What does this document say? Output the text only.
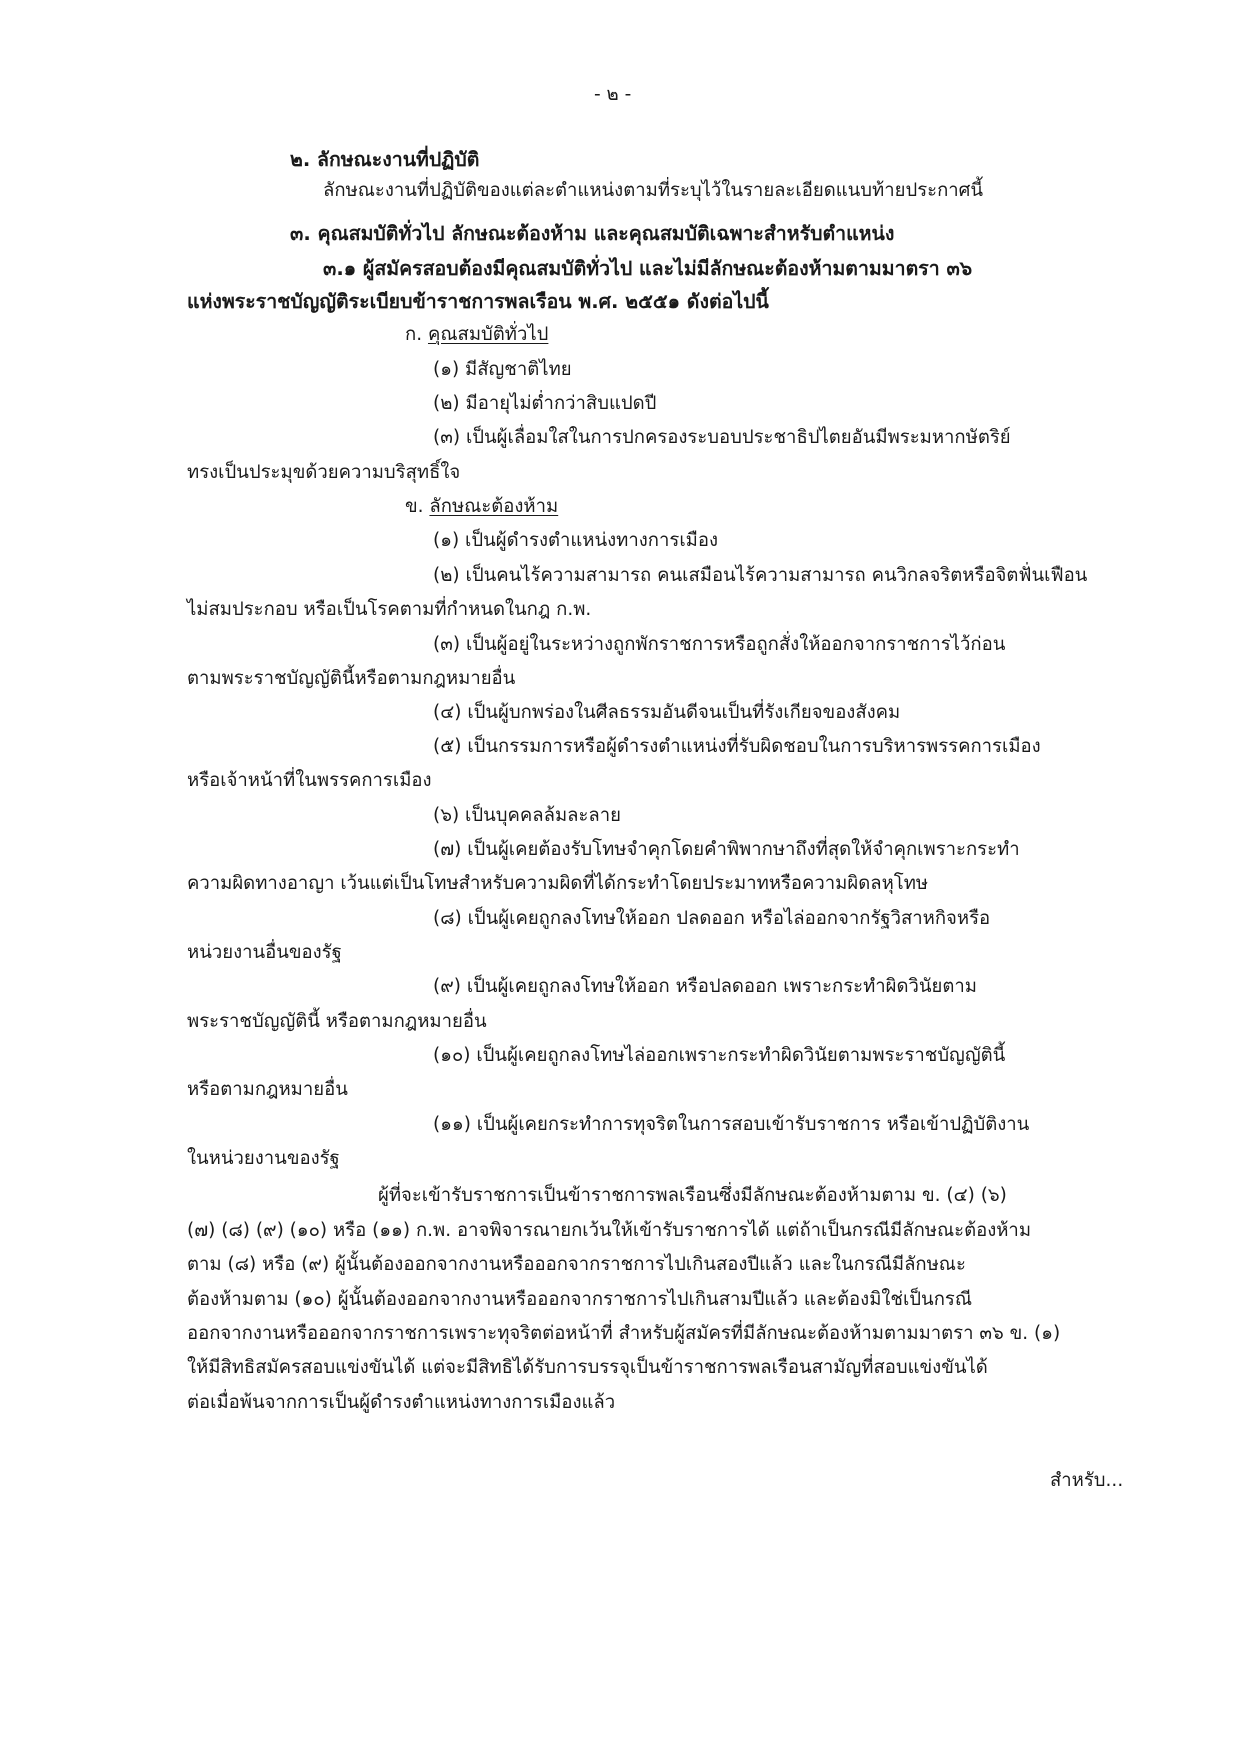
- ๒ -
๒. ลักษณะงานที่ปฏิบัติ
ลักษณะงานที่ปฏิบัติของแต่ละตำแหน่งตามที่ระบุไว้ในรายละเอียดแนบท้ายประกาศนี้
๓. คุณสมบัติทั่วไป ลักษณะต้องห้าม และคุณสมบัติเฉพาะสำหรับตำแหน่ง
๓.๑ ผู้สมัครสอบต้องมีคุณสมบัติทั่วไป และไม่มีลักษณะต้องห้ามตามมาตรา ๓๖
แห่งพระราชบัญญัติระเบียบข้าราชการพลเรือน พ.ศ. ๒๕๕๑ ดังต่อไปนี้
ก. คุณสมบัติทั่วไป
(๑) มีสัญชาติไทย
(๒) มีอายุไม่ต่ำกว่าสิบแปดปี
(๓) เป็นผู้เลื่อมใสในการปกครองระบอบประชาธิปไตยอันมีพระมหากษัตริย์
ทรงเป็นประมุขด้วยความบริสุทธิ์ใจ
ข. ลักษณะต้องห้าม
(๑) เป็นผู้ดำรงตำแหน่งทางการเมือง
(๒) เป็นคนไร้ความสามารถ คนเสมือนไร้ความสามารถ คนวิกลจริตหรือจิตฟั่นเฟือน
ไม่สมประกอบ หรือเป็นโรคตามที่กำหนดในกฎ ก.พ.
(๓) เป็นผู้อยู่ในระหว่างถูกพักราชการหรือถูกสั่งให้ออกจากราชการไว้ก่อน
ตามพระราชบัญญัตินี้หรือตามกฎหมายอื่น
(๔) เป็นผู้บกพร่องในศีลธรรมอันดีจนเป็นที่รังเกียจของสังคม
(๕) เป็นกรรมการหรือผู้ดำรงตำแหน่งที่รับผิดชอบในการบริหารพรรคการเมือง
หรือเจ้าหน้าที่ในพรรคการเมือง
(๖) เป็นบุคคลล้มละลาย
(๗) เป็นผู้เคยต้องรับโทษจำคุกโดยคำพิพากษาถึงที่สุดให้จำคุกเพราะกระทำ
ความผิดทางอาญา เว้นแต่เป็นโทษสำหรับความผิดที่ได้กระทำโดยประมาทหรือความผิดลหุโทษ
(๘) เป็นผู้เคยถูกลงโทษให้ออก ปลดออก หรือไล่ออกจากรัฐวิสาหกิจหรือ
หน่วยงานอื่นของรัฐ
(๙) เป็นผู้เคยถูกลงโทษให้ออก หรือปลดออก เพราะกระทำผิดวินัยตาม
พระราชบัญญัตินี้ หรือตามกฎหมายอื่น
(๑๐) เป็นผู้เคยถูกลงโทษไล่ออกเพราะกระทำผิดวินัยตามพระราชบัญญัตินี้
หรือตามกฎหมายอื่น
(๑๑) เป็นผู้เคยกระทำการทุจริตในการสอบเข้ารับราชการ หรือเข้าปฏิบัติงาน
ในหน่วยงานของรัฐ
ผู้ที่จะเข้ารับราชการเป็นข้าราชการพลเรือนซึ่งมีลักษณะต้องห้ามตาม ข. (๔) (๖)
(๗) (๘) (๙) (๑๐) หรือ (๑๑) ก.พ. อาจพิจารณายกเว้นให้เข้ารับราชการได้ แต่ถ้าเป็นกรณีมีลักษณะต้องห้าม
ตาม (๘) หรือ (๙) ผู้นั้นต้องออกจากงานหรือออกจากราชการไปเกินสองปีแล้ว และในกรณีมีลักษณะ
ต้องห้ามตาม (๑๐) ผู้นั้นต้องออกจากงานหรือออกจากราชการไปเกินสามปีแล้ว และต้องมิใช่เป็นกรณี
ออกจากงานหรือออกจากราชการเพราะทุจริตต่อหน้าที่ สำหรับผู้สมัครที่มีลักษณะต้องห้ามตามมาตรา ๓๖ ข. (๑)
ให้มีสิทธิสมัครสอบแข่งขันได้ แต่จะมีสิทธิได้รับการบรรจุเป็นข้าราชการพลเรือนสามัญที่สอบแข่งขันได้
ต่อเมื่อพ้นจากการเป็นผู้ดำรงตำแหน่งทางการเมืองแล้ว
สำหรับ...
